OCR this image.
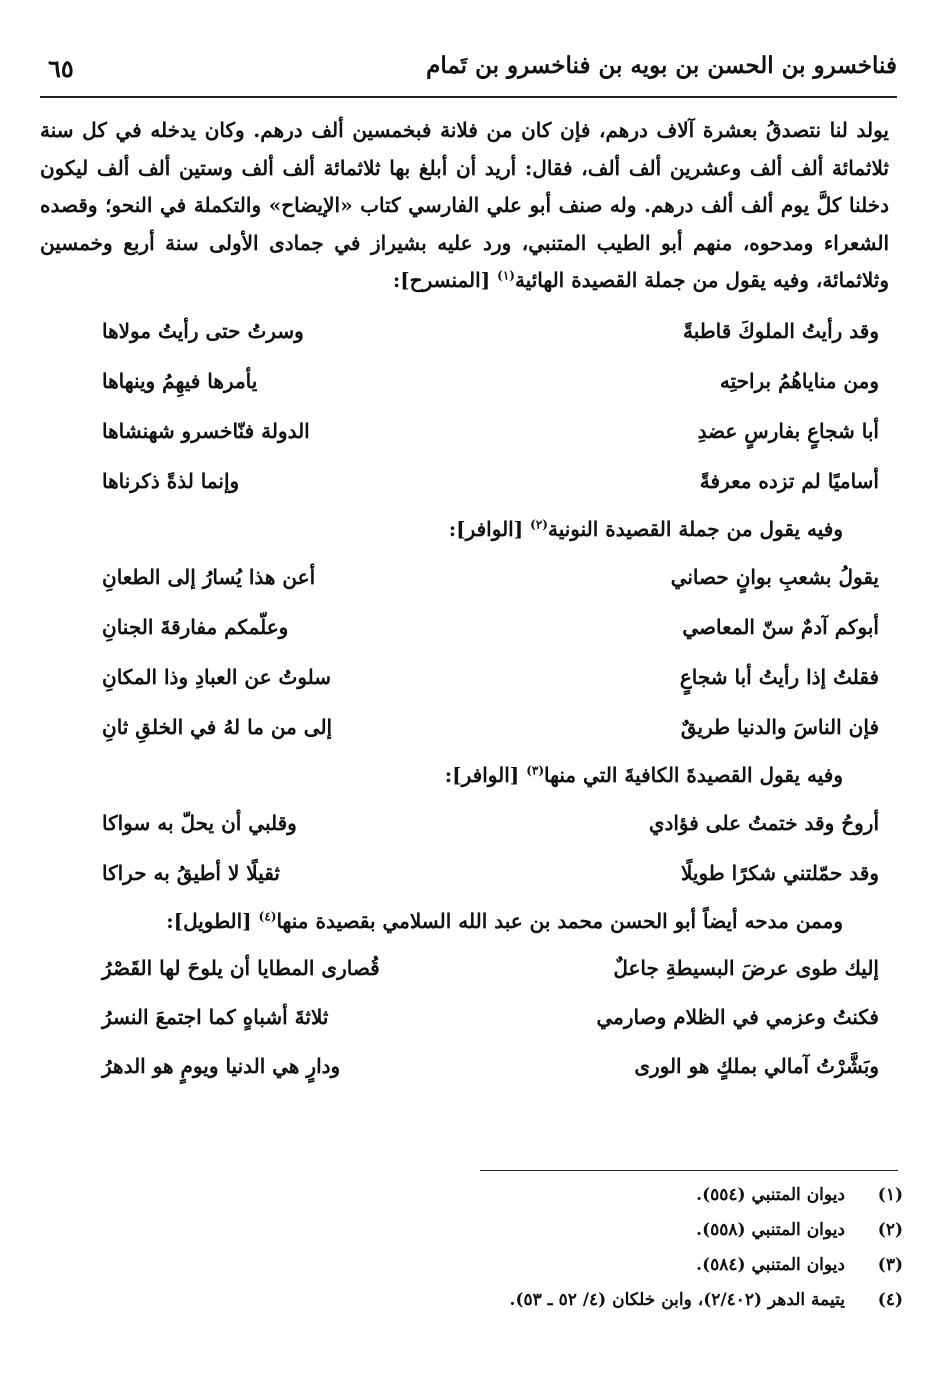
فناخسرو بن الحسن بن بويه بن فناخسرو بن تَمام
٦٥

يولد لنا نتصدقُ بعشرة آلاف درهم، فإن كان من فلانة فبخمسين ألف درهم. وكان يدخله في كل سنة ثلاثمائة ألف ألف وعشرين ألف ألف، فقال: أريد أن أبلغ بها ثلاثمائة ألف ألف وستين ألف ألف ليكون دخلنا كلَّ يوم ألف ألف درهم. وله صنف أبو علي الفارسي كتاب «الإيضاح» والتكملة في النحو؛ وقصده الشعراء ومدحوه، منهم أبو الطيب المتنبي، ورد عليه بشيراز في جمادى الأولى سنة أربع وخمسين وثلاثمائة، وفيه يقول من جملة القصيدة الهائية$^{(١)}$ [المنسرح]:

وقد رأيتُ الملوكَ قاطبةً
وسرتُ حتى رأيتُ مولاها
ومن مناياهُمُ براحتِه
يأمرها فيهِمُ وينهاها
أبا شجاعٍ بفارسٍ عضدِ
الدولة فنّاخسرو شهنشاها
أساميًا لم تزده معرفةً
وإنما لذةً ذكرناها

وفيه يقول من جملة القصيدة النونية$^{(٢)}$ [الوافر]:

يقولُ بشعبِ بوانٍ حصاني
أعن هذا يُسارُ إلى الطعانِ
أبوكم آدمٌ سنّ المعاصي
وعلّمكم مفارقةَ الجنانِ
فقلتُ إذا رأيتُ أبا شجاعٍ
سلوتُ عن العبادِ وذا المكانِ
فإن الناسَ والدنيا طريقٌ
إلى من ما لهُ في الخلقِ ثانِ

وفيه يقول القصيدةَ الكافيةَ التي منها$^{(٣)}$ [الوافر]:

أروحُ وقد ختمتُ على فؤادي
وقلبي أن يحلّ به سواكا
وقد حمّلتني شكرًا طويلًا
ثقيلًا لا أطيقُ به حراكا

وممن مدحه أيضاً أبو الحسن محمد بن عبد الله السلامي بقصيدة منها$^{(٤)}$ [الطويل]:

إليك طوى عرضَ البسيطةِ جاعلٌ
قُصارى المطايا أن يلوحَ لها القَصْرُ
فكنتُ وعزمي في الظلام وصارمي
ثلاثةَ أشباهٍ كما اجتمعَ النسرُ
وبَشَّرْتُ آمالي بملكٍ هو الورى
ودارٍ هي الدنيا ويومٍ هو الدهرُ
(١)
ديوان المتنبي (٥٥٤).
(٢)
ديوان المتنبي (٥٥٨).
(٣)
ديوان المتنبي (٥٨٤).
(٤)
يتيمة الدهر (٢/٤٠٢)، وابن خلكان (٤/ ٥٢ ـ ٥٣).
